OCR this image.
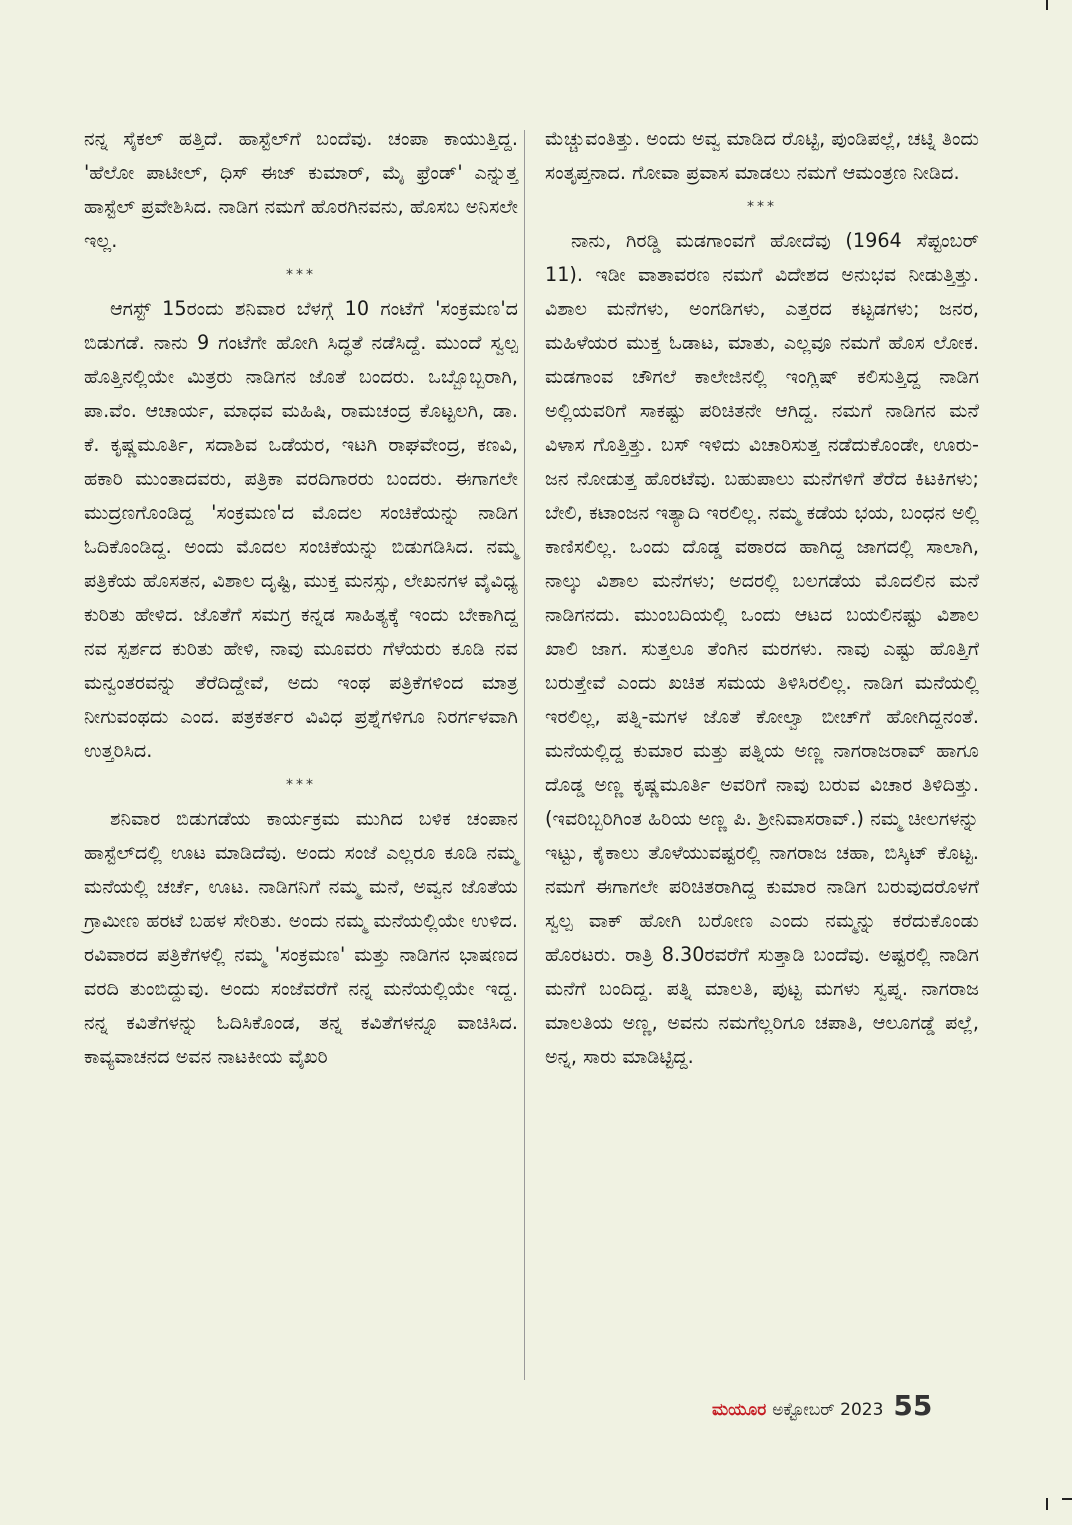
ನನ್ನ ಸೈಕಲ್ ಹತ್ತಿದೆ. ಹಾಸ್ಟೆಲ್‌ಗೆ ಬಂದೆವು. ಚಂಪಾ ಕಾಯುತ್ತಿದ್ದ. 'ಹೆಲೋ ಪಾಟೀಲ್, ಧಿಸ್ ಈಜ್ ಕುಮಾರ್, ಮೈ ಫ್ರೆಂಡ್' ಎನ್ನುತ್ತ ಹಾಸ್ಟೆಲ್ ಪ್ರವೇಶಿಸಿದ. ನಾಡಿಗ ನಮಗೆ ಹೊರಗಿನವನು, ಹೊಸಬ ಅನಿಸಲೇ ಇಲ್ಲ.

***

ಆಗಸ್ಟ್ 15ರಂದು ಶನಿವಾರ ಬೆಳಗ್ಗೆ 10 ಗಂಟೆಗೆ 'ಸಂಕ್ರಮಣ'ದ ಬಿಡುಗಡೆ. ನಾನು 9 ಗಂಟೆಗೇ ಹೋಗಿ ಸಿದ್ಧತೆ ನಡೆಸಿದ್ದೆ. ಮುಂದೆ ಸ್ವಲ್ಪ ಹೊತ್ತಿನಲ್ಲಿಯೇ ಮಿತ್ರರು ನಾಡಿಗನ ಜೊತೆ ಬಂದರು. ಒಬ್ಬೊಬ್ಬರಾಗಿ, ಪಾ.ವೆಂ. ಆಚಾರ್ಯ, ಮಾಧವ ಮಹಿಷಿ, ರಾಮಚಂದ್ರ ಕೊಟ್ಟಲಗಿ, ಡಾ. ಕೆ. ಕೃಷ್ಣಮೂರ್ತಿ, ಸದಾಶಿವ ಒಡೆಯರ, ಇಟಗಿ ರಾಘವೇಂದ್ರ, ಕಣವಿ, ಹಕಾರಿ ಮುಂತಾದವರು, ಪತ್ರಿಕಾ ವರದಿಗಾರರು ಬಂದರು. ಈಗಾಗಲೇ ಮುದ್ರಣಗೊಂಡಿದ್ದ 'ಸಂಕ್ರಮಣ'ದ ಮೊದಲ ಸಂಚಿಕೆಯನ್ನು ನಾಡಿಗ ಓದಿಕೊಂಡಿದ್ದ. ಅಂದು ಮೊದಲ ಸಂಚಿಕೆಯನ್ನು ಬಿಡುಗಡಿಸಿದ. ನಮ್ಮ ಪತ್ರಿಕೆಯ ಹೊಸತನ, ವಿಶಾಲ ದೃಷ್ಟಿ, ಮುಕ್ತ ಮನಸ್ಸು, ಲೇಖನಗಳ ವೈವಿಧ್ಯ ಕುರಿತು ಹೇಳಿದ. ಜೊತೆಗೆ ಸಮಗ್ರ ಕನ್ನಡ ಸಾಹಿತ್ಯಕ್ಕೆ ಇಂದು ಬೇಕಾಗಿದ್ದ ನವ ಸ್ಪರ್ಶದ ಕುರಿತು ಹೇಳಿ, ನಾವು ಮೂವರು ಗೆಳೆಯರು ಕೂಡಿ ನವ ಮನ್ವಂತರವನ್ನು ತೆರೆದಿದ್ದೇವೆ, ಅದು ಇಂಥ ಪತ್ರಿಕೆಗಳಿಂದ ಮಾತ್ರ ನೀಗುವಂಥದು ಎಂದ. ಪತ್ರಕರ್ತರ ವಿವಿಧ ಪ್ರಶ್ನೆಗಳಿಗೂ ನಿರರ್ಗಳವಾಗಿ ಉತ್ತರಿಸಿದ.

***

ಶನಿವಾರ ಬಿಡುಗಡೆಯ ಕಾರ್ಯಕ್ರಮ ಮುಗಿದ ಬಳಿಕ ಚಂಪಾನ ಹಾಸ್ಟೆಲ್‌ದಲ್ಲಿ ಊಟ ಮಾಡಿದೆವು. ಅಂದು ಸಂಜೆ ಎಲ್ಲರೂ ಕೂಡಿ ನಮ್ಮ ಮನೆಯಲ್ಲಿ ಚರ್ಚೆ, ಊಟ. ನಾಡಿಗನಿಗೆ ನಮ್ಮ ಮನೆ, ಅವ್ವನ ಜೊತೆಯ ಗ್ರಾಮೀಣ ಹರಟೆ ಬಹಳ ಸೇರಿತು. ಅಂದು ನಮ್ಮ ಮನೆಯಲ್ಲಿಯೇ ಉಳಿದ. ರವಿವಾರದ ಪತ್ರಿಕೆಗಳಲ್ಲಿ ನಮ್ಮ 'ಸಂಕ್ರಮಣ' ಮತ್ತು ನಾಡಿಗನ ಭಾಷಣದ ವರದಿ ತುಂಬಿದ್ದುವು. ಅಂದು ಸಂಜೆವರೆಗೆ ನನ್ನ ಮನೆಯಲ್ಲಿಯೇ ಇದ್ದ. ನನ್ನ ಕವಿತೆಗಳನ್ನು ಓದಿಸಿಕೊಂಡ, ತನ್ನ ಕವಿತೆಗಳನ್ನೂ ವಾಚಿಸಿದ. ಕಾವ್ಯವಾಚನದ ಅವನ ನಾಟಕೀಯ ವೈಖರಿ

ಮೆಚ್ಚುವಂತಿತ್ತು. ಅಂದು ಅವ್ವ ಮಾಡಿದ ರೊಟ್ಟಿ, ಪುಂಡಿಪಲ್ಲೆ, ಚಟ್ನಿ ತಿಂದು ಸಂತೃಪ್ತನಾದ. ಗೋವಾ ಪ್ರವಾಸ ಮಾಡಲು ನಮಗೆ ಆಮಂತ್ರಣ ನೀಡಿದ.

***

ನಾನು, ಗಿರಡ್ಡಿ ಮಡಗಾಂವಗೆ ಹೋದೆವು (1964 ಸೆಪ್ಟಂಬರ್ 11). ಇಡೀ ವಾತಾವರಣ ನಮಗೆ ವಿದೇಶದ ಅನುಭವ ನೀಡುತ್ತಿತ್ತು. ವಿಶಾಲ ಮನೆಗಳು, ಅಂಗಡಿಗಳು, ಎತ್ತರದ ಕಟ್ಟಡಗಳು; ಜನರ, ಮಹಿಳೆಯರ ಮುಕ್ತ ಓಡಾಟ, ಮಾತು, ಎಲ್ಲವೂ ನಮಗೆ ಹೊಸ ಲೋಕ. ಮಡಗಾಂವ ಚೌಗಲೆ ಕಾಲೇಜಿನಲ್ಲಿ ಇಂಗ್ಲಿಷ್ ಕಲಿಸುತ್ತಿದ್ದ ನಾಡಿಗ ಅಲ್ಲಿಯವರಿಗೆ ಸಾಕಷ್ಟು ಪರಿಚಿತನೇ ಆಗಿದ್ದ. ನಮಗೆ ನಾಡಿಗನ ಮನೆ ವಿಳಾಸ ಗೊತ್ತಿತ್ತು. ಬಸ್ ಇಳಿದು ವಿಚಾರಿಸುತ್ತ ನಡೆದುಕೊಂಡೇ, ಊರು-ಜನ ನೋಡುತ್ತ ಹೊರಟೆವು. ಬಹುಪಾಲು ಮನೆಗಳಿಗೆ ತೆರೆದ ಕಿಟಕಿಗಳು; ಬೇಲಿ, ಕಟಾಂಜನ ಇತ್ಯಾದಿ ಇರಲಿಲ್ಲ. ನಮ್ಮ ಕಡೆಯ ಭಯ, ಬಂಧನ ಅಲ್ಲಿ ಕಾಣಿಸಲಿಲ್ಲ. ಒಂದು ದೊಡ್ಡ ವಠಾರದ ಹಾಗಿದ್ದ ಜಾಗದಲ್ಲಿ ಸಾಲಾಗಿ, ನಾಲ್ಕು ವಿಶಾಲ ಮನೆಗಳು; ಅದರಲ್ಲಿ ಬಲಗಡೆಯ ಮೊದಲಿನ ಮನೆ ನಾಡಿಗನದು. ಮುಂಬದಿಯಲ್ಲಿ ಒಂದು ಆಟದ ಬಯಲಿನಷ್ಟು ವಿಶಾಲ ಖಾಲಿ ಜಾಗ. ಸುತ್ತಲೂ ತೆಂಗಿನ ಮರಗಳು. ನಾವು ಎಷ್ಟು ಹೊತ್ತಿಗೆ ಬರುತ್ತೇವೆ ಎಂದು ಖಚಿತ ಸಮಯ ತಿಳಿಸಿರಲಿಲ್ಲ. ನಾಡಿಗ ಮನೆಯಲ್ಲಿ ಇರಲಿಲ್ಲ, ಪತ್ನಿ-ಮಗಳ ಜೊತೆ ಕೋಲ್ವಾ ಬೀಚ್‌ಗೆ ಹೋಗಿದ್ದನಂತೆ. ಮನೆಯಲ್ಲಿದ್ದ ಕುಮಾರ ಮತ್ತು ಪತ್ನಿಯ ಅಣ್ಣ ನಾಗರಾಜರಾವ್ ಹಾಗೂ ದೊಡ್ಡ ಅಣ್ಣ ಕೃಷ್ಣಮೂರ್ತಿ ಅವರಿಗೆ ನಾವು ಬರುವ ವಿಚಾರ ತಿಳಿದಿತ್ತು. (ಇವರಿಬ್ಬರಿಗಿಂತ ಹಿರಿಯ ಅಣ್ಣ ಪಿ. ಶ್ರೀನಿವಾಸರಾವ್.) ನಮ್ಮ ಚೀಲಗಳನ್ನು ಇಟ್ಟು, ಕೈಕಾಲು ತೊಳೆಯುವಷ್ಟರಲ್ಲಿ ನಾಗರಾಜ ಚಹಾ, ಬಿಸ್ಕಿಟ್ ಕೊಟ್ಟ. ನಮಗೆ ಈಗಾಗಲೇ ಪರಿಚಿತರಾಗಿದ್ದ ಕುಮಾರ ನಾಡಿಗ ಬರುವುದರೊಳಗೆ ಸ್ವಲ್ಪ ವಾಕ್ ಹೋಗಿ ಬರೋಣ ಎಂದು ನಮ್ಮನ್ನು ಕರೆದುಕೊಂಡು ಹೊರಟರು. ರಾತ್ರಿ 8.30ರವರೆಗೆ ಸುತ್ತಾಡಿ ಬಂದೆವು. ಅಷ್ಟರಲ್ಲಿ ನಾಡಿಗ ಮನೆಗೆ ಬಂದಿದ್ದ. ಪತ್ನಿ ಮಾಲತಿ, ಪುಟ್ಟ ಮಗಳು ಸ್ವಪ್ನ. ನಾಗರಾಜ ಮಾಲತಿಯ ಅಣ್ಣ, ಅವನು ನಮಗೆಲ್ಲರಿಗೂ ಚಪಾತಿ, ಆಲೂಗಡ್ಡೆ ಪಲ್ಲೆ, ಅನ್ನ, ಸಾರು ಮಾಡಿಟ್ಟಿದ್ದ.

ಮಯೂರ ಅಕ್ಟೋಬರ್ 2023 55
